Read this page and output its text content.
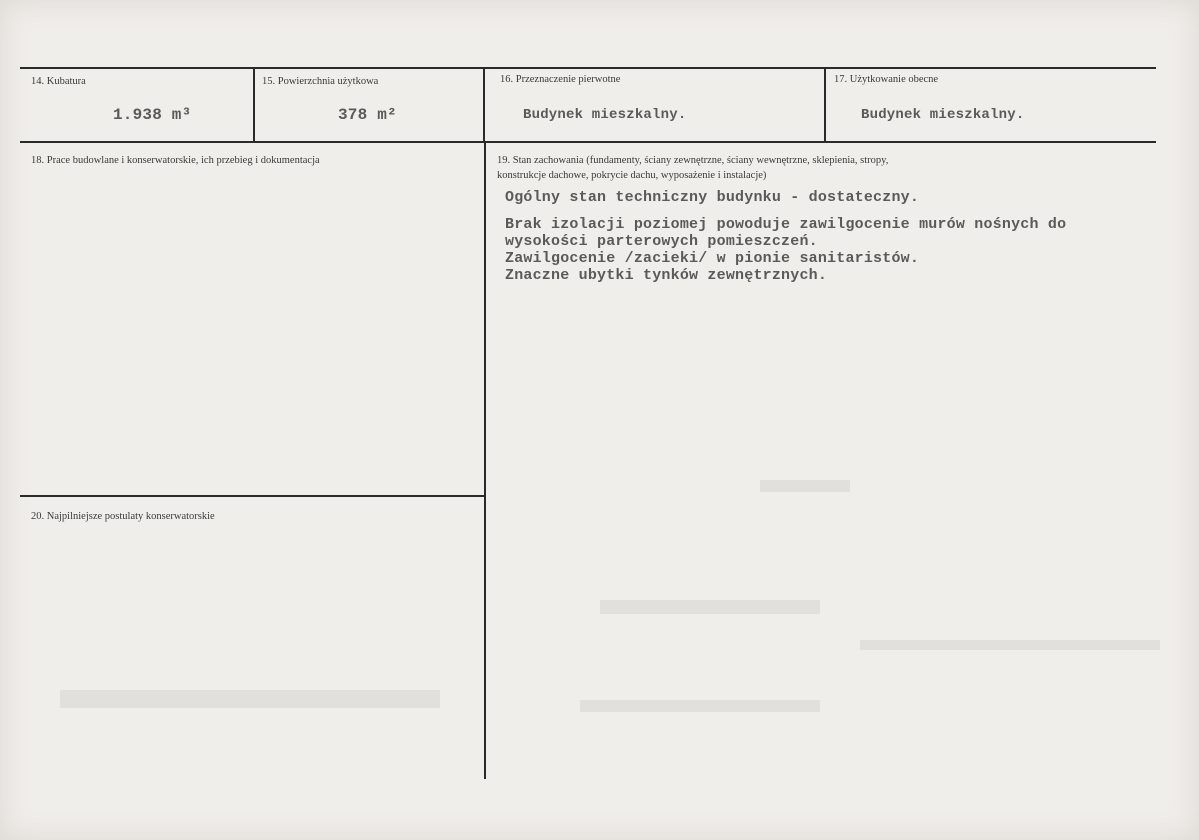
14. Kubatura
1.938 m³
15. Powierzchnia użytkowa
378 m²
16. Przeznaczenie pierwotne
Budynek mieszkalny.
17. Użytkowanie obecne
Budynek mieszkalny.
18. Prace budowlane i konserwatorskie, ich przebieg i dokumentacja	19. Stan zachowania (fundamenty, ściany zewnętrzne, ściany wewnętrzne, sklepienia, stropy,
konstrukcje dachowe, pokrycie dachu, wyposażenie i instalacje)
Ogólny stan techniczny budynku - dostateczny.
Brak izolacji poziomej powoduje zawilgocenie murów nośnych do
wysokości parterowych pomieszczeń.
Zawilgocenie /zacieki/ w pionie sanitaristów.
Znaczne ubytki tynków zewnętrznych.
20. Najpilniejsze postulaty konserwatorskie
